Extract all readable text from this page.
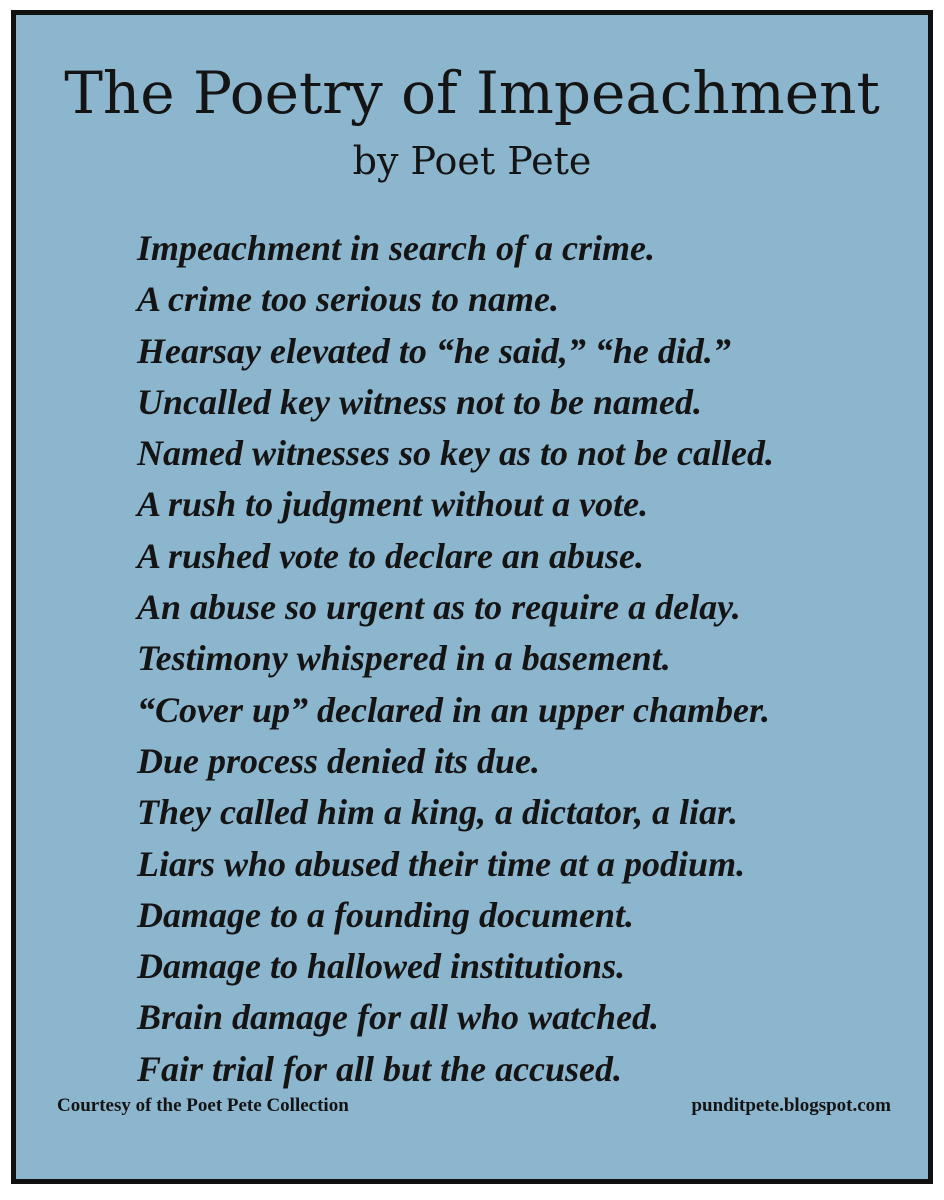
The Poetry of Impeachment
by Poet Pete
Impeachment in search of a crime.
A crime too serious to name.
Hearsay elevated to “he said,” “he did.”
Uncalled key witness not to be named.
Named witnesses so key as to not be called.
A rush to judgment without a vote.
A rushed vote to declare an abuse.
An abuse so urgent as to require a delay.
Testimony whispered in a basement.
“Cover up” declared in an upper chamber.
Due process denied its due.
They called him a king, a dictator, a liar.
Liars who abused their time at a podium.
Damage to a founding document.
Damage to hallowed institutions.
Brain damage for all who watched.
Fair trial for all but the accused.
Courtesy of the Poet Pete Collection	punditpete.blogspot.com
